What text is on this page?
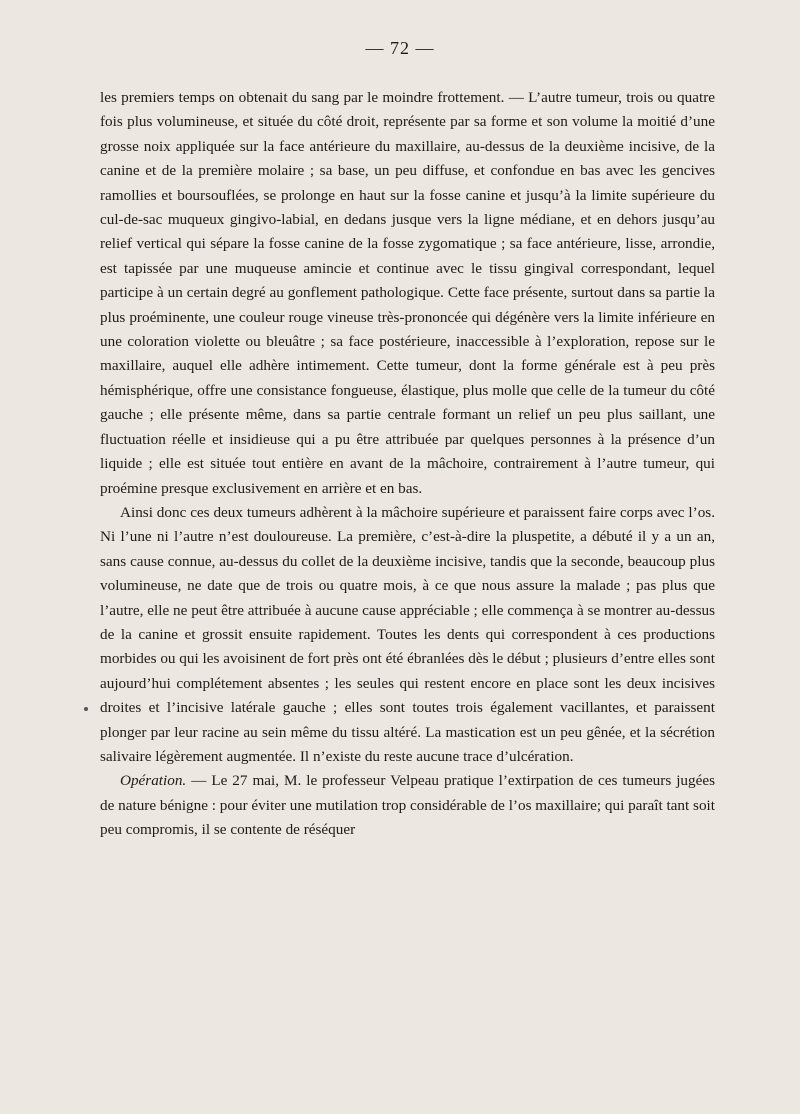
— 72 —

les premiers temps on obtenait du sang par le moindre frottement. — L’autre tumeur, trois ou quatre fois plus volumineuse, et située du côté droit, représente par sa forme et son volume la moitié d’une grosse noix appliquée sur la face antérieure du maxillaire, au-dessus de la deuxième incisive, de la canine et de la première molaire ; sa base, un peu diffuse, et confondue en bas avec les gencives ramollies et boursouflées, se prolonge en haut sur la fosse canine et jusqu’à la limite supérieure du cul-de-sac muqueux gingivo-labial, en dedans jusque vers la ligne médiane, et en dehors jusqu’au relief vertical qui sépare la fosse canine de la fosse zygomatique ; sa face antérieure, lisse, arrondie, est tapissée par une muqueuse amincie et continue avec le tissu gingival correspondant, lequel participe à un certain degré au gonflement pathologique. Cette face présente, surtout dans sa partie la plus proéminente, une couleur rouge vineuse très-prononcée qui dégénère vers la limite inférieure en une coloration violette ou bleuâtre ; sa face postérieure, inaccessible à l’exploration, repose sur le maxillaire, auquel elle adhère intimement. Cette tumeur, dont la forme générale est à peu près hémisphérique, offre une consistance fongueuse, élastique, plus molle que celle de la tumeur du côté gauche ; elle présente même, dans sa partie centrale formant un relief un peu plus saillant, une fluctuation réelle et insidieuse qui a pu être attribuée par quelques personnes à la présence d’un liquide ; elle est située tout entière en avant de la mâchoire, contrairement à l’autre tumeur, qui proémine presque exclusivement en arrière et en bas.

Ainsi donc ces deux tumeurs adhèrent à la mâchoire supérieure et paraissent faire corps avec l’os. Ni l’une ni l’autre n’est douloureuse. La première, c’est-à-dire la pluspetite, a débuté il y a un an, sans cause connue, au-dessus du collet de la deuxième incisive, tandis que la seconde, beaucoup plus volumineuse, ne date que de trois ou quatre mois, à ce que nous assure la malade ; pas plus que l’autre, elle ne peut être attribuée à aucune cause appréciable ; elle commença à se montrer au-dessus de la canine et grossit ensuite rapidement. Toutes les dents qui correspondent à ces productions morbides ou qui les avoisinent de fort près ont été ébranlées dès le début ; plusieurs d’entre elles sont aujourd’hui complétement absentes ; les seules qui restent encore en place sont les deux incisives droites et l’incisive latérale gauche ; elles sont toutes trois également vacillantes, et paraissent plonger par leur racine au sein même du tissu altéré. La mastication est un peu gênée, et la sécrétion salivaire légèrement augmentée. Il n’existe du reste aucune trace d’ulcération.

Opération. — Le 27 mai, M. le professeur Velpeau pratique l’extirpation de ces tumeurs jugées de nature bénigne : pour éviter une mutilation trop considérable de l’os maxillaire; qui paraît tant soit peu compromis, il se contente de réséquer
